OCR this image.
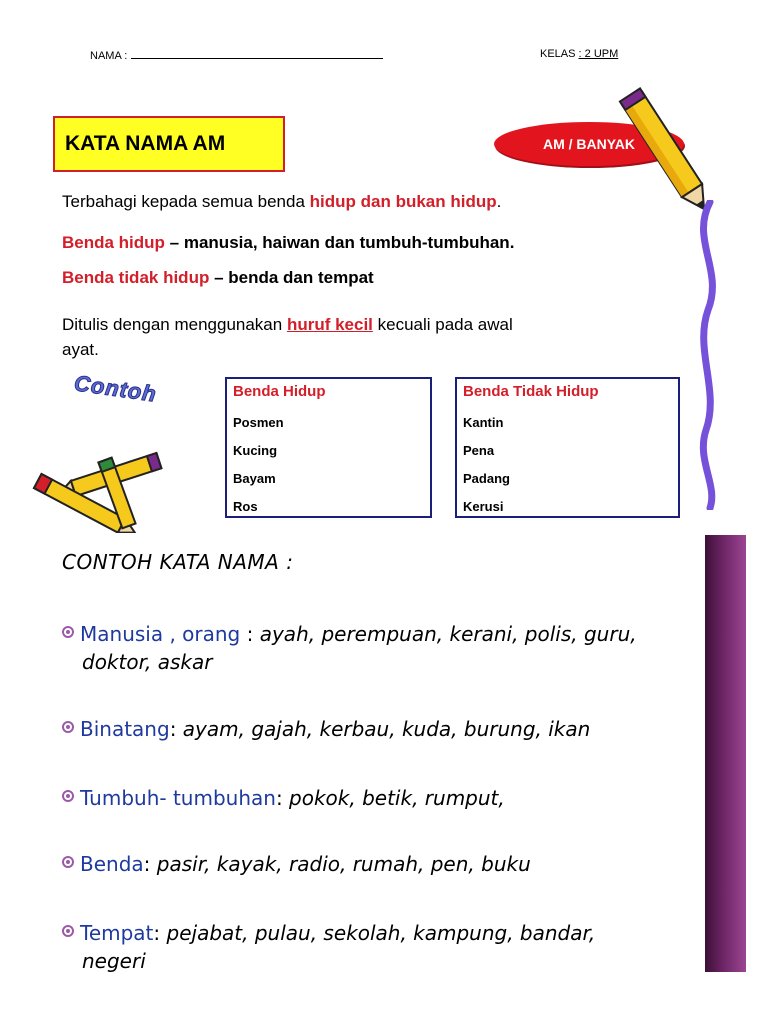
NAMA :	KELAS : 2 UPM
KATA NAMA AM	AM / BANYAK
Terbahagi kepada semua benda hidup dan bukan hidup.
Benda hidup – manusia, haiwan dan tumbuh-tumbuhan.
Benda tidak hidup – benda dan tempat
Ditulis dengan menggunakan huruf kecil kecuali pada awal
ayat.
Contoh	Benda Hidup
Posmen
Kucing
Bayam
Ros
Benda Tidak Hidup
Kantin
Pena
Padang
Kerusi
CONTOH KATA NAMA :
Manusia , orang : ayah, perempuan, kerani, polis, guru,
doktor, askar
Binatang: ayam, gajah, kerbau, kuda, burung, ikan
Tumbuh- tumbuhan: pokok, betik, rumput,
Benda: pasir, kayak, radio, rumah, pen, buku
Tempat: pejabat, pulau, sekolah, kampung, bandar,
negeri
